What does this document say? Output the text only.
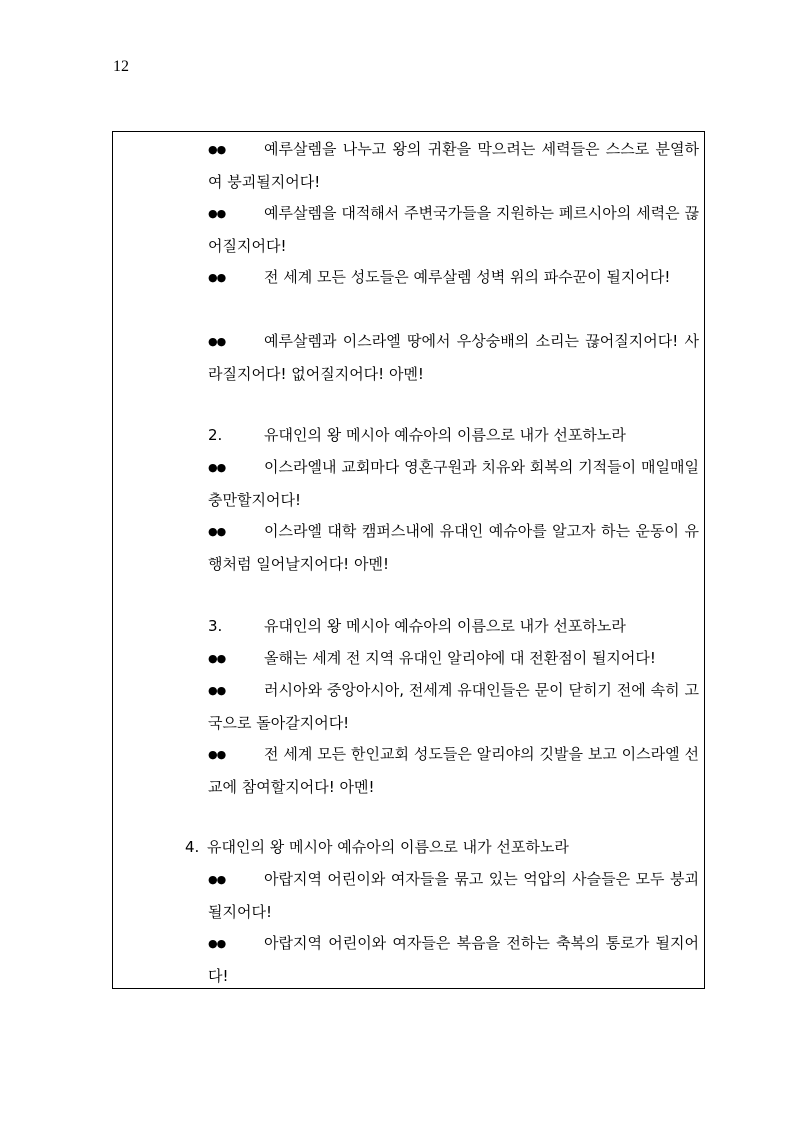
12

●●	예루살렘을 나누고 왕의 귀환을 막으려는 세력들은 스스로 분열하여 붕괴될지어다!

●●	예루살렘을 대적해서 주변국가들을 지원하는 페르시아의 세력은 끊어질지어다!

●●	전 세계 모든 성도들은 예루살렘 성벽 위의 파수꾼이 될지어다!

●●	예루살렘과 이스라엘 땅에서 우상숭배의 소리는 끊어질지어다! 사라질지어다! 없어질지어다! 아멘!

2.	유대인의 왕 메시아 예슈아의 이름으로 내가 선포하노라

●●	이스라엘내 교회마다 영혼구원과 치유와 회복의 기적들이 매일매일 충만할지어다!

●●	이스라엘 대학 캠퍼스내에 유대인 예슈아를 알고자 하는 운동이 유행처럼 일어날지어다! 아멘!

3.	유대인의 왕 메시아 예슈아의 이름으로 내가 선포하노라

●●	올해는 세계 전 지역 유대인 알리야에 대 전환점이 될지어다!

●●	러시아와 중앙아시아, 전세계 유대인들은 문이 닫히기 전에 속히 고국으로 돌아갈지어다!

●●	전 세계 모든 한인교회 성도들은 알리야의 깃발을 보고 이스라엘 선교에 참여할지어다! 아멘!

4. 유대인의 왕 메시아 예슈아의 이름으로 내가 선포하노라

●●	아랍지역 어린이와 여자들을 묶고 있는 억압의 사슬들은 모두 붕괴될지어다!

●●	아랍지역 어린이와 여자들은 복음을 전하는 축복의 통로가 될지어다!
